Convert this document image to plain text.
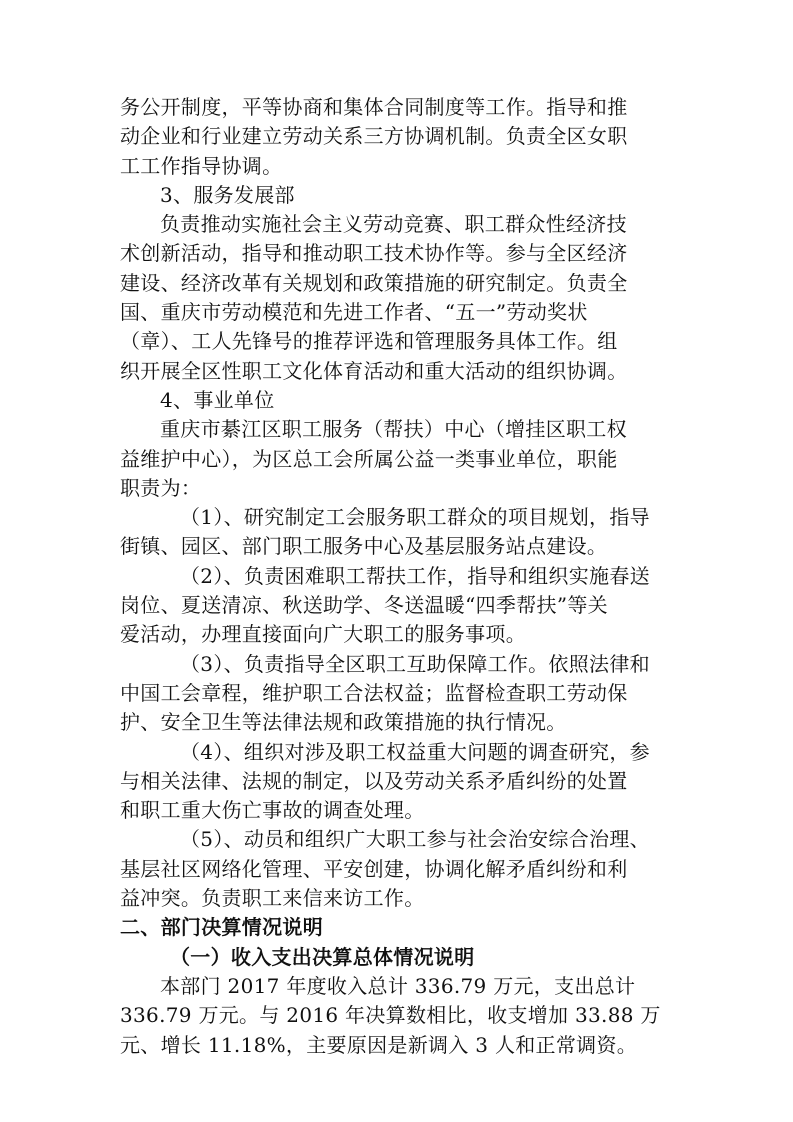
务公开制度，平等协商和集体合同制度等工作。指导和推
动企业和行业建立劳动关系三方协调机制。负责全区女职
工工作指导协调。
3、服务发展部
负责推动实施社会主义劳动竞赛、职工群众性经济技
术创新活动，指导和推动职工技术协作等。参与全区经济
建设、经济改革有关规划和政策措施的研究制定。负责全
国、重庆市劳动模范和先进工作者、“五一”劳动奖状
（章）、工人先锋号的推荐评选和管理服务具体工作。组
织开展全区性职工文化体育活动和重大活动的组织协调。
4、事业单位
重庆市綦江区职工服务（帮扶）中心（增挂区职工权
益维护中心），为区总工会所属公益一类事业单位，职能
职责为：
（1）、研究制定工会服务职工群众的项目规划，指导
街镇、园区、部门职工服务中心及基层服务站点建设。
（2）、负责困难职工帮扶工作，指导和组织实施春送
岗位、夏送清凉、秋送助学、冬送温暖“四季帮扶”等关
爱活动，办理直接面向广大职工的服务事项。
（3）、负责指导全区职工互助保障工作。依照法律和
中国工会章程，维护职工合法权益；监督检查职工劳动保
护、安全卫生等法律法规和政策措施的执行情况。
（4）、组织对涉及职工权益重大问题的调查研究，参
与相关法律、法规的制定，以及劳动关系矛盾纠纷的处置
和职工重大伤亡事故的调查处理。
（5）、动员和组织广大职工参与社会治安综合治理、
基层社区网络化管理、平安创建，协调化解矛盾纠纷和利
益冲突。负责职工来信来访工作。
二、部门决算情况说明
（一）收入支出决算总体情况说明
本部门 2017 年度收入总计 336.79 万元，支出总计
336.79 万元。与 2016 年决算数相比，收支增加 33.88 万
元、增长 11.18%，主要原因是新调入 3 人和正常调资。
